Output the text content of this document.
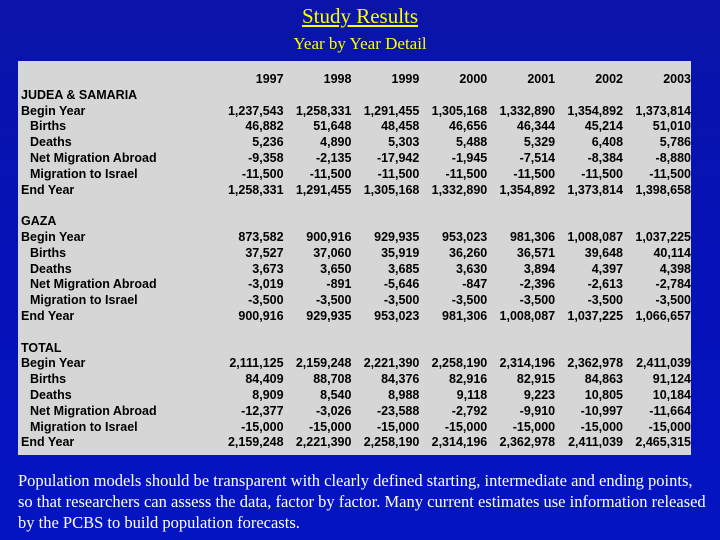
Study Results
Year by Year Detail
	1997	1998	1999	2000	2001	2002	2003
JUDEA & SAMARIA							
Begin Year	1,237,543	1,258,331	1,291,455	1,305,168	1,332,890	1,354,892	1,373,814
Births	46,882	51,648	48,458	46,656	46,344	45,214	51,010
Deaths	5,236	4,890	5,303	5,488	5,329	6,408	5,786
Net Migration Abroad	-9,358	-2,135	-17,942	-1,945	-7,514	-8,384	-8,880
Migration to Israel	-11,500	-11,500	-11,500	-11,500	-11,500	-11,500	-11,500
End Year	1,258,331	1,291,455	1,305,168	1,332,890	1,354,892	1,373,814	1,398,658

GAZA							
Begin Year	873,582	900,916	929,935	953,023	981,306	1,008,087	1,037,225
Births	37,527	37,060	35,919	36,260	36,571	39,648	40,114
Deaths	3,673	3,650	3,685	3,630	3,894	4,397	4,398
Net Migration Abroad	-3,019	-891	-5,646	-847	-2,396	-2,613	-2,784
Migration to Israel	-3,500	-3,500	-3,500	-3,500	-3,500	-3,500	-3,500
End Year	900,916	929,935	953,023	981,306	1,008,087	1,037,225	1,066,657

TOTAL							
Begin Year	2,111,125	2,159,248	2,221,390	2,258,190	2,314,196	2,362,978	2,411,039
Births	84,409	88,708	84,376	82,916	82,915	84,863	91,124
Deaths	8,909	8,540	8,988	9,118	9,223	10,805	10,184
Net Migration Abroad	-12,377	-3,026	-23,588	-2,792	-9,910	-10,997	-11,664
Migration to Israel	-15,000	-15,000	-15,000	-15,000	-15,000	-15,000	-15,000
End Year	2,159,248	2,221,390	2,258,190	2,314,196	2,362,978	2,411,039	2,465,315
Population models should be transparent with clearly defined starting, intermediate and ending points, so that researchers can assess the data, factor by factor. Many current estimates use information released by the PCBS to build population forecasts.
